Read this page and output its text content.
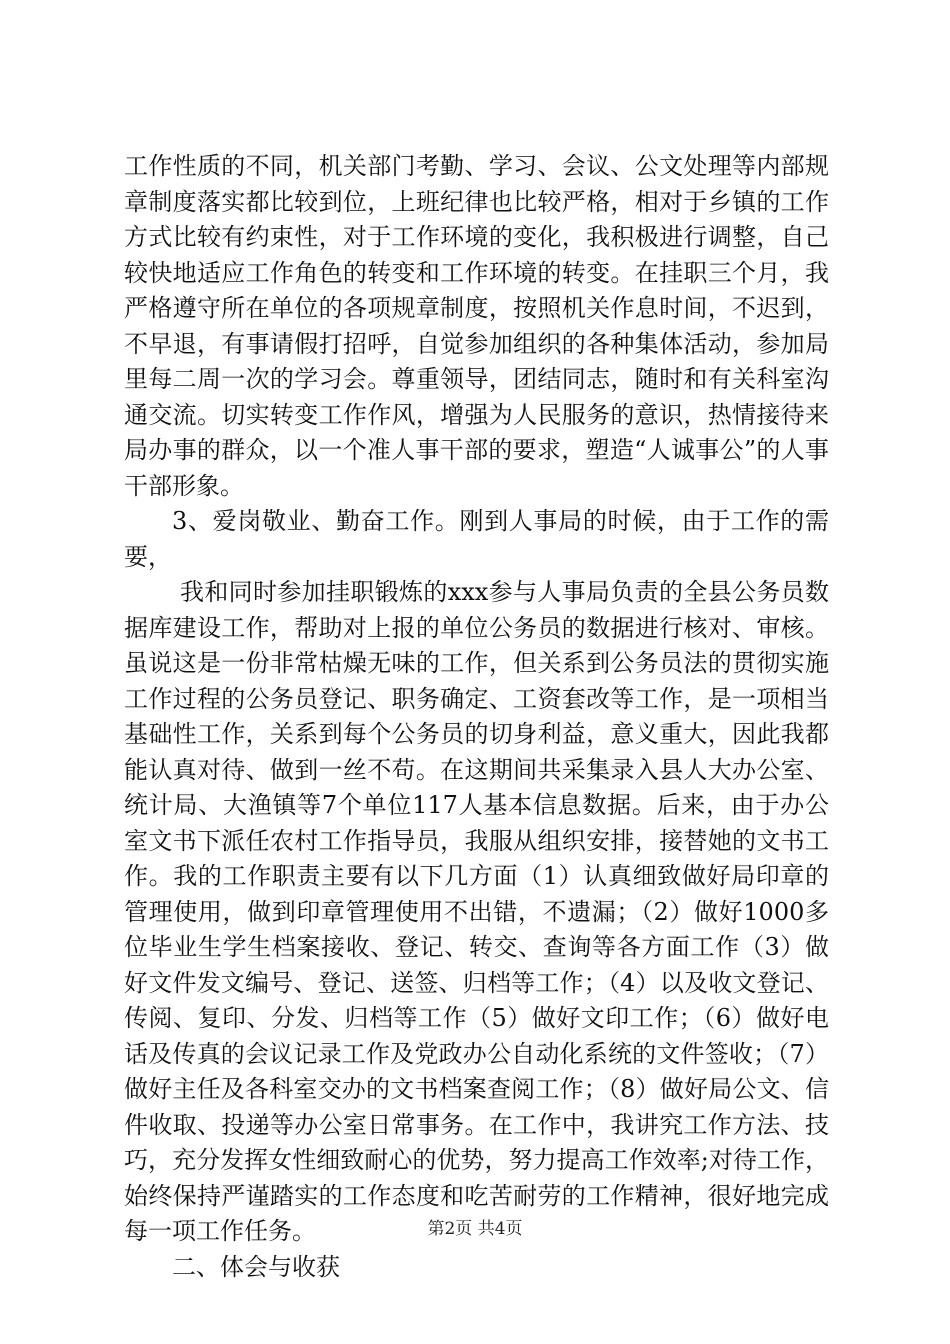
工作性质的不同，机关部门考勤、学习、会议、公文处理等内部规章制度落实都比较到位，上班纪律也比较严格，相对于乡镇的工作方式比较有约束性，对于工作环境的变化，我积极进行调整，自己较快地适应工作角色的转变和工作环境的转变。在挂职三个月，我严格遵守所在单位的各项规章制度，按照机关作息时间，不迟到，不早退，有事请假打招呼，自觉参加组织的各种集体活动，参加局里每二周一次的学习会。尊重领导，团结同志，随时和有关科室沟通交流。切实转变工作作风，增强为人民服务的意识，热情接待来局办事的群众，以一个准人事干部的要求，塑造“人诚事公”的人事干部形象。

3、爱岗敬业、勤奋工作。刚到人事局的时候，由于工作的需要，

我和同时参加挂职锻炼的xxx参与人事局负责的全县公务员数据库建设工作，帮助对上报的单位公务员的数据进行核对、审核。虽说这是一份非常枯燥无味的工作，但关系到公务员法的贯彻实施工作过程的公务员登记、职务确定、工资套改等工作，是一项相当基础性工作，关系到每个公务员的切身利益，意义重大，因此我都能认真对待、做到一丝不苟。在这期间共采集录入县人大办公室、统计局、大渔镇等7个单位117人基本信息数据。后来，由于办公室文书下派任农村工作指导员，我服从组织安排，接替她的文书工作。我的工作职责主要有以下几方面（1）认真细致做好局印章的管理使用，做到印章管理使用不出错，不遗漏；（2）做好1000多位毕业生学生档案接收、登记、转交、查询等各方面工作（3）做好文件发文编号、登记、送签、归档等工作；（4）以及收文登记、传阅、复印、分发、归档等工作（5）做好文印工作；（6）做好电话及传真的会议记录工作及党政办公自动化系统的文件签收；（7）做好主任及各科室交办的文书档案查阅工作；（8）做好局公文、信件收取、投递等办公室日常事务。在工作中，我讲究工作方法、技巧，充分发挥女性细致耐心的优势，努力提高工作效率;对待工作，始终保持严谨踏实的工作态度和吃苦耐劳的工作精神，很好地完成每一项工作任务。

二、体会与收获

第2页 共4页
